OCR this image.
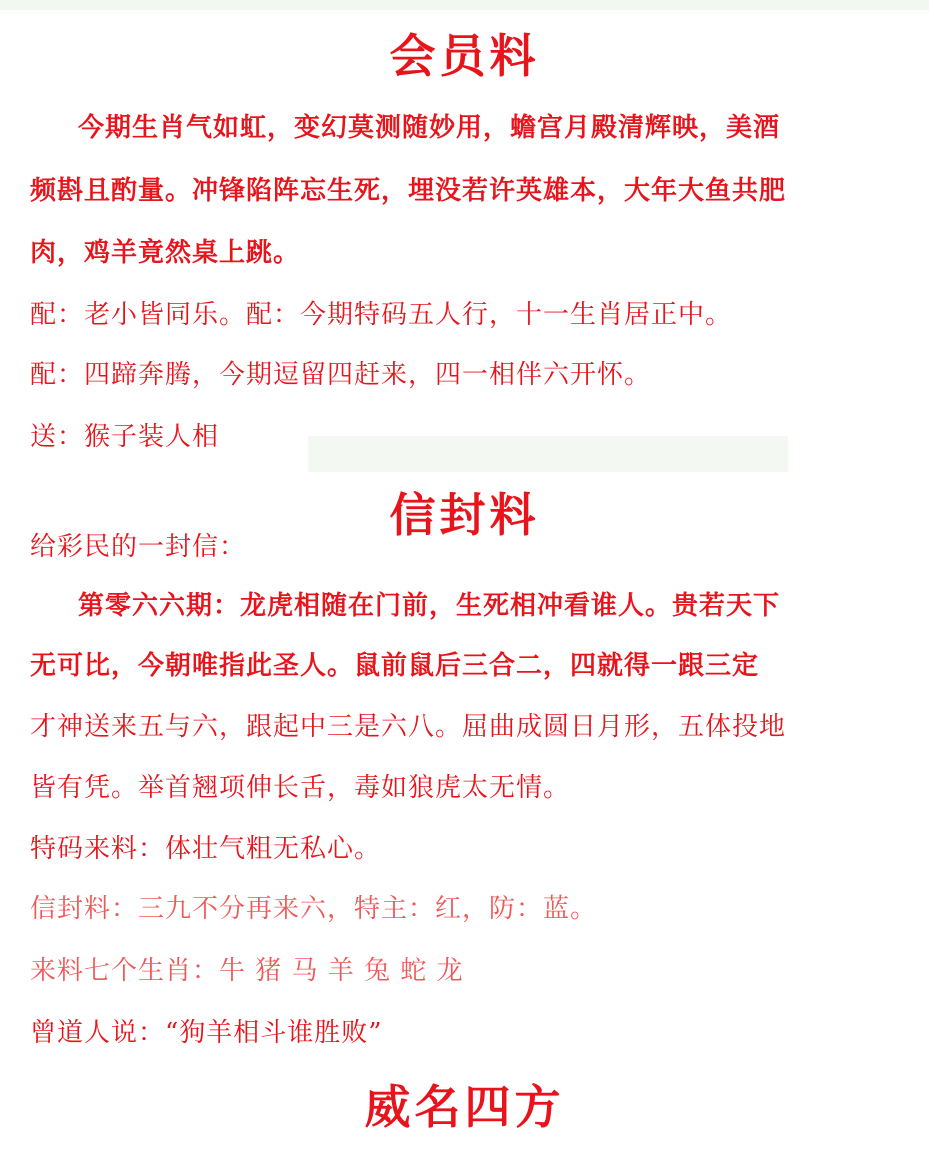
会员料
今期生肖气如虹，变幻莫测随妙用，蟾宫月殿清辉映，美酒
频斟且酌量。冲锋陷阵忘生死，埋没若许英雄本，大年大鱼共肥
肉，鸡羊竟然桌上跳。
配：老小皆同乐。配：今期特码五人行，十一生肖居正中。
配：四蹄奔腾，今期逗留四赶来，四一相伴六开怀。
送：猴子装人相
信封料
给彩民的一封信：
第零六六期：龙虎相随在门前，生死相冲看谁人。贵若天下
无可比，今朝唯指此圣人。鼠前鼠后三合二，四就得一跟三定
才神送来五与六，跟起中三是六八。屈曲成圆日月形，五体投地
皆有凭。举首翘项伸长舌，毒如狼虎太无情。
特码来料：体壮气粗无私心。
信封料：三九不分再来六，特主：红，防：蓝。
来料七个生肖：牛 猪 马 羊 兔 蛇 龙
曾道人说：“狗羊相斗谁胜败”
威名四方
